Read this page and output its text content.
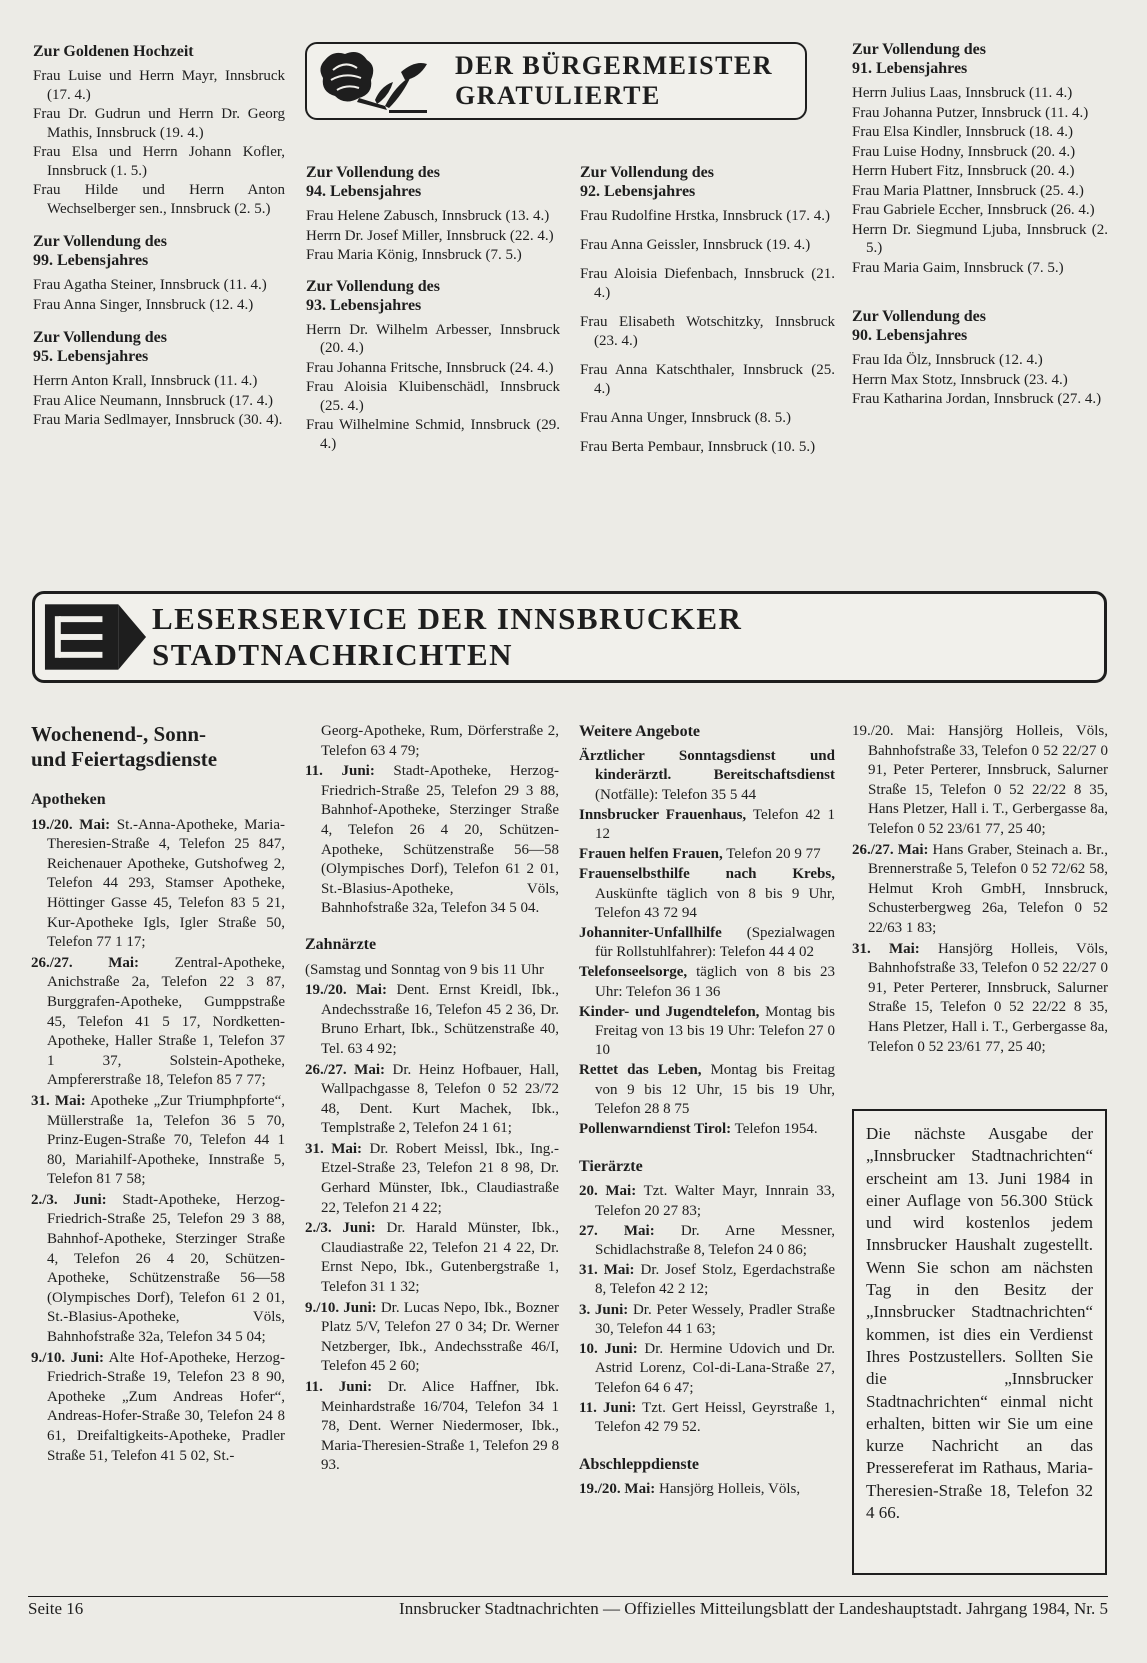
Zur Goldenen Hochzeit

Frau Luise und Herrn Mayr, Innsbruck (17. 4.)

Frau Dr. Gudrun und Herrn Dr. Georg Mathis, Innsbruck (19. 4.)

Frau Elsa und Herrn Johann Kofler, Innsbruck (1. 5.)

Frau Hilde und Herrn Anton Wechselberger sen., Innsbruck (2. 5.)

Zur Vollendung des
99. Lebensjahres

Frau Agatha Steiner, Innsbruck (11. 4.)

Frau Anna Singer, Innsbruck (12. 4.)

Zur Vollendung des
95. Lebensjahres

Herrn Anton Krall, Innsbruck (11. 4.)

Frau Alice Neumann, Innsbruck (17. 4.)

Frau Maria Sedlmayer, Innsbruck (30. 4).

DER BÜRGERMEISTER
GRATULIERTE
Zur Vollendung des
94. Lebensjahres

Frau Helene Zabusch, Innsbruck (13. 4.)

Herrn Dr. Josef Miller, Innsbruck (22. 4.)

Frau Maria König, Innsbruck (7. 5.)

Zur Vollendung des
93. Lebensjahres

Herrn Dr. Wilhelm Arbesser, Innsbruck (20. 4.)

Frau Johanna Fritsche, Innsbruck (24. 4.)

Frau Aloisia Kluibenschädl, Innsbruck (25. 4.)

Frau Wilhelmine Schmid, Innsbruck (29. 4.)

Zur Vollendung des
92. Lebensjahres

Frau Rudolfine Hrstka, Innsbruck (17. 4.)

Frau Anna Geissler, Innsbruck (19. 4.)

Frau Aloisia Diefenbach, Innsbruck (21. 4.)

Frau Elisabeth Wotschitzky, Innsbruck (23. 4.)

Frau Anna Katschthaler, Innsbruck (25. 4.)

Frau Anna Unger, Innsbruck (8. 5.)

Frau Berta Pembaur, Innsbruck (10. 5.)

Zur Vollendung des
91. Lebensjahres

Herrn Julius Laas, Innsbruck (11. 4.)

Frau Johanna Putzer, Innsbruck (11. 4.)

Frau Elsa Kindler, Innsbruck (18. 4.)

Frau Luise Hodny, Innsbruck (20. 4.)

Herrn Hubert Fitz, Innsbruck (20. 4.)

Frau Maria Plattner, Innsbruck (25. 4.)

Frau Gabriele Eccher, Innsbruck (26. 4.)

Herrn Dr. Siegmund Ljuba, Innsbruck (2. 5.)

Frau Maria Gaim, Innsbruck (7. 5.)

Zur Vollendung des
90. Lebensjahres

Frau Ida Ölz, Innsbruck (12. 4.)

Herrn Max Stotz, Innsbruck (23. 4.)

Frau Katharina Jordan, Innsbruck (27. 4.)

LESERSERVICE DER INNSBRUCKER STADTNACHRICHTEN
Wochenend-, Sonn-
und Feiertagsdienste
Apotheken

19./20. Mai: St.-Anna-Apotheke, Maria-Theresien-Straße 4, Telefon 25 847, Reichenauer Apotheke, Gutshofweg 2, Telefon 44 293, Stamser Apotheke, Höttinger Gasse 45, Telefon 83 5 21, Kur-Apotheke Igls, Igler Straße 50, Telefon 77 1 17;

26./27. Mai: Zentral-Apotheke, Anichstraße 2a, Telefon 22 3 87, Burggrafen-Apotheke, Gumppstraße 45, Telefon 41 5 17, Nordketten-Apotheke, Haller Straße 1, Telefon 37 1 37, Solstein-Apotheke, Ampfererstraße 18, Telefon 85 7 77;

31. Mai: Apotheke „Zur Triumphpforte“, Müllerstraße 1a, Telefon 36 5 70, Prinz-Eugen-Straße 70, Telefon 44 1 80, Mariahilf-Apotheke, Innstraße 5, Telefon 81 7 58;

2./3. Juni: Stadt-Apotheke, Herzog-Friedrich-Straße 25, Telefon 29 3 88, Bahnhof-Apotheke, Sterzinger Straße 4, Telefon 26 4 20, Schützen-Apotheke, Schützenstraße 56—58 (Olympisches Dorf), Telefon 61 2 01, St.-Blasius-Apotheke, Völs, Bahnhofstraße 32a, Telefon 34 5 04;

9./10. Juni: Alte Hof-Apotheke, Herzog-Friedrich-Straße 19, Telefon 23 8 90, Apotheke „Zum Andreas Hofer“, Andreas-Hofer-Straße 30, Telefon 24 8 61, Dreifaltigkeits-Apotheke, Pradler Straße 51, Telefon 41 5 02, St.-

Georg-Apotheke, Rum, Dörferstraße 2, Telefon 63 4 79;

11. Juni: Stadt-Apotheke, Herzog-Friedrich-Straße 25, Telefon 29 3 88, Bahnhof-Apotheke, Sterzinger Straße 4, Telefon 26 4 20, Schützen-Apotheke, Schützenstraße 56—58 (Olympisches Dorf), Telefon 61 2 01, St.-Blasius-Apotheke, Völs, Bahnhofstraße 32a, Telefon 34 5 04.

Zahnärzte

(Samstag und Sonntag von 9 bis 11 Uhr

19./20. Mai: Dent. Ernst Kreidl, Ibk., Andechsstraße 16, Telefon 45 2 36, Dr. Bruno Erhart, Ibk., Schützenstraße 40, Tel. 63 4 92;

26./27. Mai: Dr. Heinz Hofbauer, Hall, Wallpachgasse 8, Telefon 0 52 23/72 48, Dent. Kurt Machek, Ibk., Templstraße 2, Telefon 24 1 61;

31. Mai: Dr. Robert Meissl, Ibk., Ing.-Etzel-Straße 23, Telefon 21 8 98, Dr. Gerhard Münster, Ibk., Claudiastraße 22, Telefon 21 4 22;

2./3. Juni: Dr. Harald Münster, Ibk., Claudiastraße 22, Telefon 21 4 22, Dr. Ernst Nepo, Ibk., Gutenbergstraße 1, Telefon 31 1 32;

9./10. Juni: Dr. Lucas Nepo, Ibk., Bozner Platz 5/V, Telefon 27 0 34; Dr. Werner Netzberger, Ibk., Andechsstraße 46/I, Telefon 45 2 60;

11. Juni: Dr. Alice Haffner, Ibk. Meinhardstraße 16/704, Telefon 34 1 78, Dent. Werner Niedermoser, Ibk., Maria-Theresien-Straße 1, Telefon 29 8 93.

Weitere Angebote

Ärztlicher Sonntagsdienst und kinderärztl. Bereitschaftsdienst (Notfälle): Telefon 35 5 44

Innsbrucker Frauenhaus, Telefon 42 1 12

Frauen helfen Frauen, Telefon 20 9 77

Frauenselbsthilfe nach Krebs, Auskünfte täglich von 8 bis 9 Uhr, Telefon 43 72 94

Johanniter-Unfallhilfe (Spezialwagen für Rollstuhlfahrer): Telefon 44 4 02

Telefonseelsorge, täglich von 8 bis 23 Uhr: Telefon 36 1 36

Kinder- und Jugendtelefon, Montag bis Freitag von 13 bis 19 Uhr: Telefon 27 0 10

Rettet das Leben, Montag bis Freitag von 9 bis 12 Uhr, 15 bis 19 Uhr, Telefon 28 8 75

Pollenwarndienst Tirol: Telefon 1954.

Tierärzte

20. Mai: Tzt. Walter Mayr, Innrain 33, Telefon 20 27 83;

27. Mai: Dr. Arne Messner, Schidlachstraße 8, Telefon 24 0 86;

31. Mai: Dr. Josef Stolz, Egerdachstraße 8, Telefon 42 2 12;

3. Juni: Dr. Peter Wessely, Pradler Straße 30, Telefon 44 1 63;

10. Juni: Dr. Hermine Udovich und Dr. Astrid Lorenz, Col-di-Lana-Straße 27, Telefon 64 6 47;

11. Juni: Tzt. Gert Heissl, Geyrstraße 1, Telefon 42 79 52.

Abschleppdienste

19./20. Mai: Hansjörg Holleis, Völs,

19./20. Mai: Hansjörg Holleis, Völs, Bahnhofstraße 33, Telefon 0 52 22/27 0 91, Peter Perterer, Innsbruck, Salurner Straße 15, Telefon 0 52 22/22 8 35, Hans Pletzer, Hall i. T., Gerbergasse 8a, Telefon 0 52 23/61 77, 25 40;

26./27. Mai: Hans Graber, Steinach a. Br., Brennerstraße 5, Telefon 0 52 72/62 58, Helmut Kroh GmbH, Innsbruck, Schusterbergweg 26a, Telefon 0 52 22/63 1 83;

31. Mai: Hansjörg Holleis, Völs, Bahnhofstraße 33, Telefon 0 52 22/27 0 91, Peter Perterer, Innsbruck, Salurner Straße 15, Telefon 0 52 22/22 8 35, Hans Pletzer, Hall i. T., Gerbergasse 8a, Telefon 0 52 23/61 77, 25 40;

Die nächste Ausgabe der „Innsbrucker Stadtnachrichten“ erscheint am 13. Juni 1984 in einer Auflage von 56.300 Stück und wird kostenlos jedem Innsbrucker Haushalt zugestellt. Wenn Sie schon am nächsten Tag in den Besitz der „Innsbrucker Stadtnachrichten“ kommen, ist dies ein Verdienst Ihres Postzustellers. Sollten Sie die „Innsbrucker Stadtnachrichten“ einmal nicht erhalten, bitten wir Sie um eine kurze Nachricht an das Pressereferat im Rathaus, Maria-Theresien-Straße 18, Telefon 32 4 66.
Seite 16	Innsbrucker Stadtnachrichten — Offizielles Mitteilungsblatt der Landeshauptstadt. Jahrgang 1984, Nr. 5
